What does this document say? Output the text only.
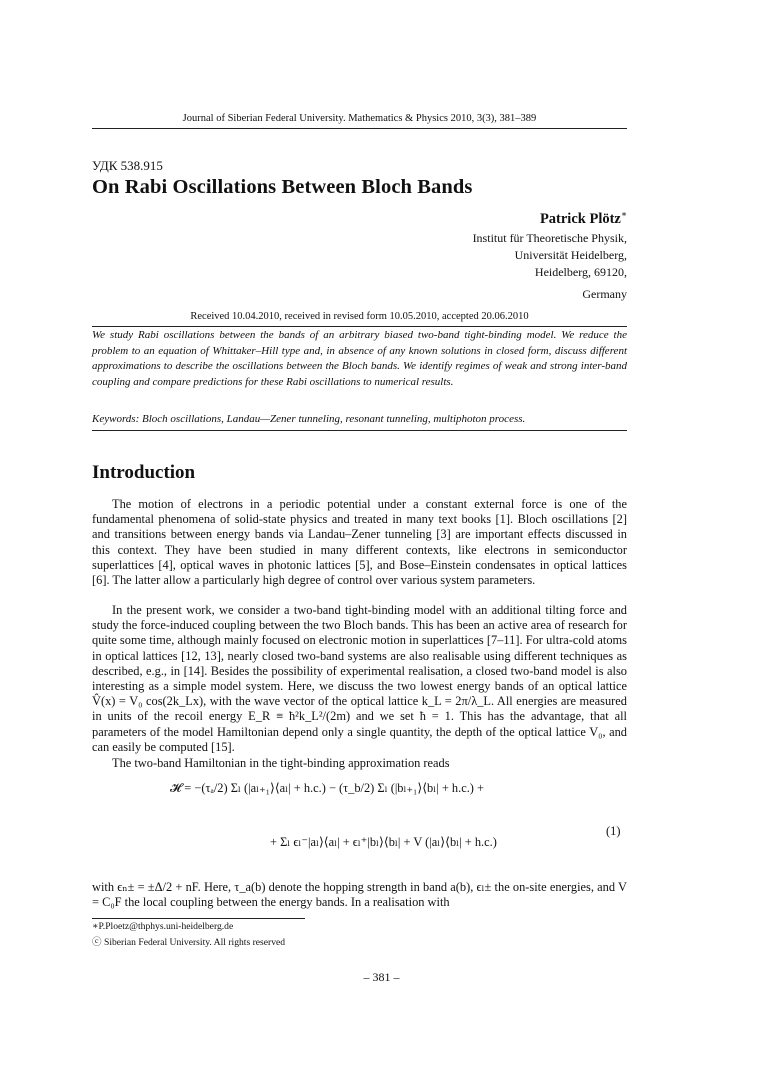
Journal of Siberian Federal University. Mathematics & Physics 2010, 3(3), 381–389
УДК 538.915
On Rabi Oscillations Between Bloch Bands
Patrick Plötz∗
Institut für Theoretische Physik,
Universität Heidelberg,
Heidelberg, 69120,
Germany
Received 10.04.2010, received in revised form 10.05.2010, accepted 20.06.2010
We study Rabi oscillations between the bands of an arbitrary biased two-band tight-binding model. We reduce the problem to an equation of Whittaker–Hill type and, in absence of any known solutions in closed form, discuss different approximations to describe the oscillations between the Bloch bands. We identify regimes of weak and strong inter-band coupling and compare predictions for these Rabi oscillations to numerical results.
Keywords: Bloch oscillations, Landau—Zener tunneling, resonant tunneling, multiphoton process.
Introduction
The motion of electrons in a periodic potential under a constant external force is one of the fundamental phenomena of solid-state physics and treated in many text books [1]. Bloch oscillations [2] and transitions between energy bands via Landau–Zener tunneling [3] are important effects discussed in this context. They have been studied in many different contexts, like electrons in semiconductor superlattices [4], optical waves in photonic lattices [5], and Bose–Einstein condensates in optical lattices [6]. The latter allow a particularly high degree of control over various system parameters.
In the present work, we consider a two-band tight-binding model with an additional tilting force and study the force-induced coupling between the two Bloch bands. This has been an active area of research for quite some time, although mainly focused on electronic motion in superlattices [7–11]. For ultra-cold atoms in optical lattices [12, 13], nearly closed two-band systems are also realisable using different techniques as described, e.g., in [14]. Besides the possibility of experimental realisation, a closed two-band model is also interesting as a simple model system. Here, we discuss the two lowest energy bands of an optical lattice V̂(x) = V₀ cos(2k_Lx), with the wave vector of the optical lattice k_L = 2π/λ_L. All energies are measured in units of the recoil energy E_R ≡ ħ²k_L²/(2m) and we set ħ = 1. This has the advantage, that all parameters of the model Hamiltonian depend only a single quantity, the depth of the optical lattice V₀, and can easily be computed [15].
The two-band Hamiltonian in the tight-binding approximation reads
𝓗 = −(τₐ/2) Σₗ (|aₗ₊₁⟩⟨aₗ| + h.c.) − (τ_b/2) Σₗ (|bₗ₊₁⟩⟨bₗ| + h.c.) +
+ Σₗ ϵₗ⁻|aₗ⟩⟨aₗ| + ϵₗ⁺|bₗ⟩⟨bₗ| + V (|aₗ⟩⟨bₗ| + h.c.)
(1)
with ϵₙ± = ±Δ/2 + nF. Here, τ_a(b) denote the hopping strength in band a(b), ϵₗ± the on-site energies, and V = C₀F the local coupling between the energy bands. In a realisation with
∗P.Ploetz@thphys.uni-heidelberg.de
ⓒ Siberian Federal University. All rights reserved
– 381 –
